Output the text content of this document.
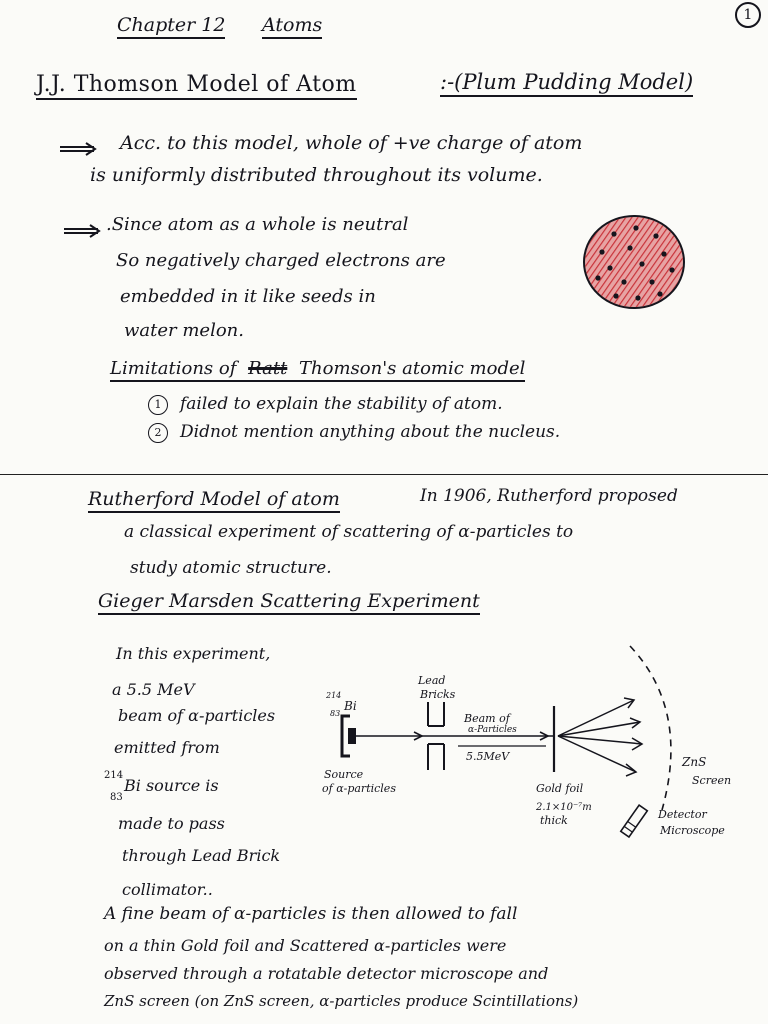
1
Chapter 12 Atoms
J.J. Thomson Model of Atom	:-(Plum Pudding Model)
Acc. to this model, whole of +ve charge of atom
is uniformly distributed throughout its volume.
.Since atom as a whole is neutral
So negatively charged electrons are
embedded in it like seeds in
water melon.
Limitations of Ratt Thomson's atomic model
1 failed to explain the stability of atom.
2 Didnot mention anything about the nucleus.
Rutherford Model of atom	In 1906, Rutherford proposed
a classical experiment of scattering of α-particles to
study atomic structure.
Gieger Marsden Scattering Experiment
In this experiment,
a 5.5 MeV
beam of α-particles
emitted from
214
83
Bi source is
made to pass
through Lead Brick
collimator..
214
83
Bi
Lead
Bricks
Beam of
α-Particles
5.5MeV
Source
of α-particles	Gold foil
2.1×10⁻⁷m
thick
ZnS
Screen
Detector
Microscope
A fine beam of α-particles is then allowed to fall
on a thin Gold foil and Scattered α-particles were
observed through a rotatable detector microscope and
ZnS screen (on ZnS screen, α-particles produce Scintillations)
